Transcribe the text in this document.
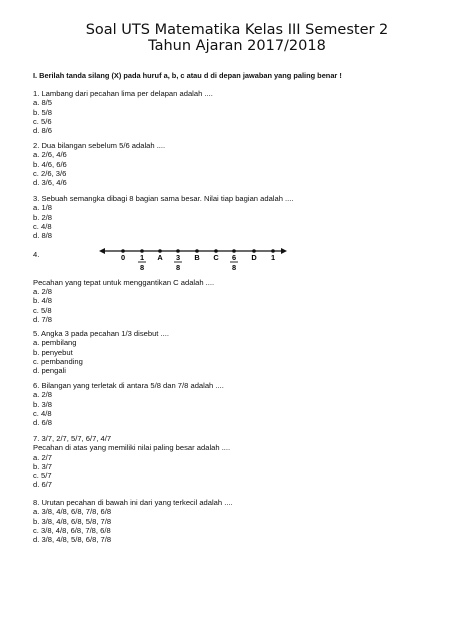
Soal UTS Matematika Kelas III Semester 2
Tahun Ajaran 2017/2018
I. Berilah tanda silang (X) pada huruf a, b, c atau d di depan jawaban yang paling benar !
1. Lambang dari pecahan lima per delapan adalah ....
a. 8/5
b. 5/8
c. 5/6
d. 8/6
2. Dua bilangan sebelum 5/6 adalah ....
a. 2/6, 4/6
b. 4/6, 6/6
c. 2/6, 3/6
d. 3/6, 4/6
3. Sebuah semangka dibagi 8 bagian sama besar. Nilai tiap bagian adalah ....
a. 1/8
b. 2/8
c. 4/8
d. 8/8
4.
Pecahan yang tepat untuk menggantikan C adalah ....
a. 2/8
b. 4/8
c. 5/8
d. 7/8
5. Angka 3 pada pecahan 1/3 disebut ....
a. pembilang
b. penyebut
c. pembanding
d. pengali
6. Bilangan yang terletak di antara 5/8 dan 7/8 adalah ....
a. 2/8
b. 3/8
c. 4/8
d. 6/8
7. 3/7, 2/7, 5/7, 6/7, 4/7
Pecahan di atas yang memiliki nilai paling besar adalah ....
a. 2/7
b. 3/7
c. 5/7
d. 6/7
8. Urutan pecahan di bawah ini dari yang terkecil adalah ....
a. 3/8, 4/8, 6/8, 7/8, 6/8
b. 3/8, 4/8, 6/8, 5/8, 7/8
c. 3/8, 4/8, 6/8, 7/8, 6/8
d. 3/8, 4/8, 5/8, 6/8, 7/8
0	A	B C	D 1
1
8
3
8
6
8
